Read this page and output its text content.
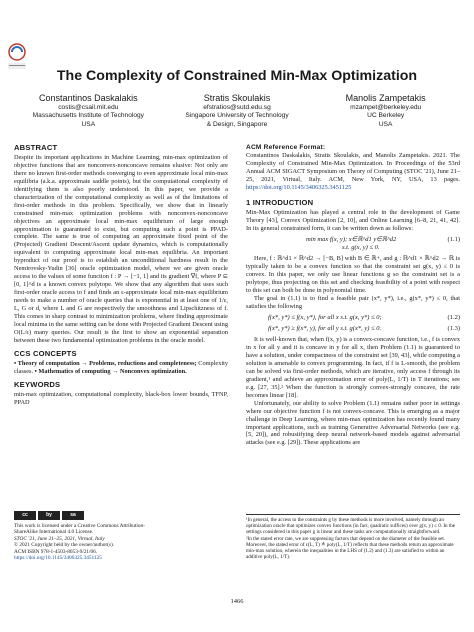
The Complexity of Constrained Min-Max Optimization
Constantinos Daskalakis
costis@csail.mit.edu
Massachusetts Institute of Technology
USA
Stratis Skoulakis
efstratios@sutd.edu.sg
Singapore University of Technology
& Design, Singapore
Manolis Zampetakis
mzampet@berkeley.edu
UC Berkeley
USA
ABSTRACT

Despite its important applications in Machine Learning, min-max optimization of objective functions that are nonconvex-nonconcave remains elusive: Not only are there no known first-order methods converging to even approximate local min-max equilibria (a.k.a. approximate saddle points), but the computational complexity of identifying them is also poorly understood. In this paper, we provide a characterization of the computational complexity as well as of the limitations of first-order methods in this problem. Specifically, we show that in linearly constrained min-max optimization problems with nonconvex-nonconcave objectives an approximate local min-max equilibrium of large enough approximation is guaranteed to exist, but computing such a point is PPAD-complete. The same is true of computing an approximate fixed point of the (Projected) Gradient Descent/Ascent update dynamics, which is computationally equivalent to computing approximate local min-max equilibria. An important byproduct of our proof is to establish an unconditional hardness result in the Nemirovsky-Yudin [36] oracle optimization model, where we are given oracle access to the values of some function f : P → [−1, 1] and its gradient ∇f, where P ⊆ [0, 1]^d is a known convex polytope. We show that any algorithm that uses such first-order oracle access to f and finds an ε-approximate local min-max equilibrium needs to make a number of oracle queries that is exponential in at least one of 1/ε, L, G or d, where L and G are respectively the smoothness and Lipschitzness of f. This comes in sharp contrast to minimization problems, where finding approximate local minima in the same setting can be done with Projected Gradient Descent using O(L/ε) many queries. Our result is the first to show an exponential separation between these two fundamental optimization problems in the oracle model.

CCS CONCEPTS

• Theory of computation → Problems, reductions and completeness; Complexity classes. • Mathematics of computing → Nonconvex optimization.

KEYWORDS

min-max optimization, computational complexity, black-box lower bounds, TFNP, PPAD

cc	by	sa
This work is licensed under a Creative Commons Attribution-
ShareAlike International 4.0 License.
STOC '21, June 21–25, 2021, Virtual, Italy
© 2021 Copyright held by the owner/author(s).
ACM ISBN 978-1-4503-8053-9/21/06.
https://doi.org/10.1145/3406325.3451125
ACM Reference Format:

Constantinos Daskalakis, Stratis Skoulakis, and Manolis Zampetakis. 2021. The Complexity of Constrained Min-Max Optimization. In Proceedings of the 53rd Annual ACM SIGACT Symposium on Theory of Computing (STOC '21), June 21–25, 2021, Virtual, Italy. ACM, New York, NY, USA, 13 pages. https://doi.org/10.1145/3406325.3451125

1 INTRODUCTION

Min-Max Optimization has played a central role in the development of Game Theory [43], Convex Optimization [2, 10], and Online Learning [6–8, 21, 41, 42]. In its general constrained form, it can be written down as follows:

min max f(x, y); x∈ℝ^d1 y∈ℝ^d2	(1.1)
s.t. g(x, y) ≤ 0.

Here, f : ℝ^d1 × ℝ^d2 → [−B, B] with B ∈ ℝ+, and g : ℝ^d1 × ℝ^d2 → ℝ is typically taken to be a convex function so that the constraint set g(x, y) ≤ 0 is convex. In this paper, we only use linear functions g so the constraint set is a polytope, thus projecting on this set and checking feasibility of a point with respect to this set can both be done in polynomial time.

The goal in (1.1) is to find a feasible pair (x*, y*), i.e., g(x*, y*) ≤ 0, that satisfies the following

f(x*, y*) ≤ f(x, y*), for all x s.t. g(x, y*) ≤ 0;	(1.2)
f(x*, y*) ≥ f(x*, y), for all y s.t. g(x*, y) ≤ 0.	(1.3)

It is well-known that, when f(x, y) is a convex-concave function, i.e., f is convex in x for all y and it is concave in y for all x, then Problem (1.1) is guaranteed to have a solution, under compactness of the constraint set [39, 43], while computing a solution is amenable to convex programming. In fact, if f is L-smooth, the problem can be solved via first-order methods, which are iterative, only access f through its gradient,¹ and achieve an approximation error of poly(L, 1/T) in T iterations; see e.g. [27, 35].² When the function is strongly convex-strongly concave, the rate becomes linear [18].

Unfortunately, our ability to solve Problem (1.1) remains rather poor in settings where our objective function f is not convex-concave. This is emerging as a major challenge in Deep Learning, where min-max optimization has recently found many important applications, such as training Generative Adversarial Networks (see e.g. [5, 20]), and robustifying deep neural network-based models against adversarial attacks (see e.g. [29]). These applications are

¹In general, the access to the constraints g by these methods is more involved, namely through an optimization oracle that optimizes convex functions (in fact, quadratic suffices) over g(x, y) ≤ 0. In the settings considered in this paper g is linear and these tasks are computationally straightforward.

²In the stated error rate, we are suppressing factors that depend on the diameter of the feasible set. Moreover, the stated error of ε(L, T) ≜ poly(L, 1/T) reflects that these methods return an approximate min-max solution, wherein the inequalities in the LHS of (1.2) and (1.3) are satisfied to within an additive poly(L, 1/T).

1466
